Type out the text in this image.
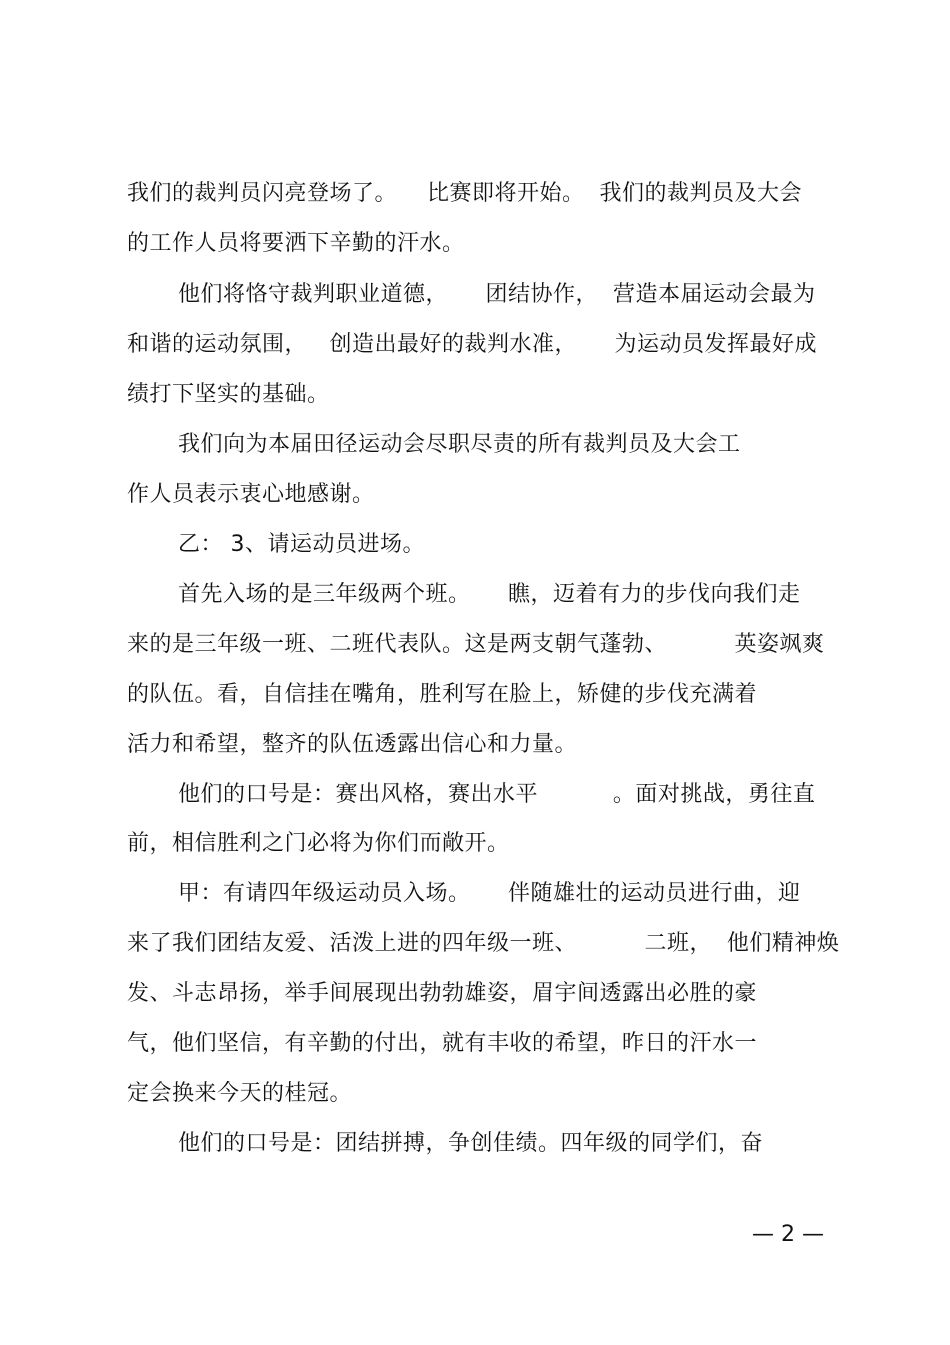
我们的裁判员闪亮登场了。    比赛即将开始。  我们的裁判员及大会
的工作人员将要洒下辛勤的汗水。
他们将恪守裁判职业道德，     团结协作，  营造本届运动会最为
和谐的运动氛围，   创造出最好的裁判水准，     为运动员发挥最好成
绩打下坚实的基础。
我们向为本届田径运动会尽职尽责的所有裁判员及大会工
作人员表示衷心地感谢。
乙： 3、请运动员进场。
首先入场的是三年级两个班。     瞧，迈着有力的步伐向我们走
来的是三年级一班、二班代表队。这是两支朝气蓬勃、         英姿飒爽
的队伍。看，自信挂在嘴角，胜利写在脸上，矫健的步伐充满着
活力和希望，整齐的队伍透露出信心和力量。
他们的口号是：赛出风格，赛出水平          。面对挑战，勇往直
前，相信胜利之门必将为你们而敞开。
甲：有请四年级运动员入场。     伴随雄壮的运动员进行曲，迎
来了我们团结友爱、活泼上进的四年级一班、         二班，  他们精神焕
发、斗志昂扬，举手间展现出勃勃雄姿，眉宇间透露出必胜的豪
气，他们坚信，有辛勤的付出，就有丰收的希望，昨日的汗水一
定会换来今天的桂冠。
他们的口号是：团结拼搏，争创佳绩。四年级的同学们，奋
— 2 —
